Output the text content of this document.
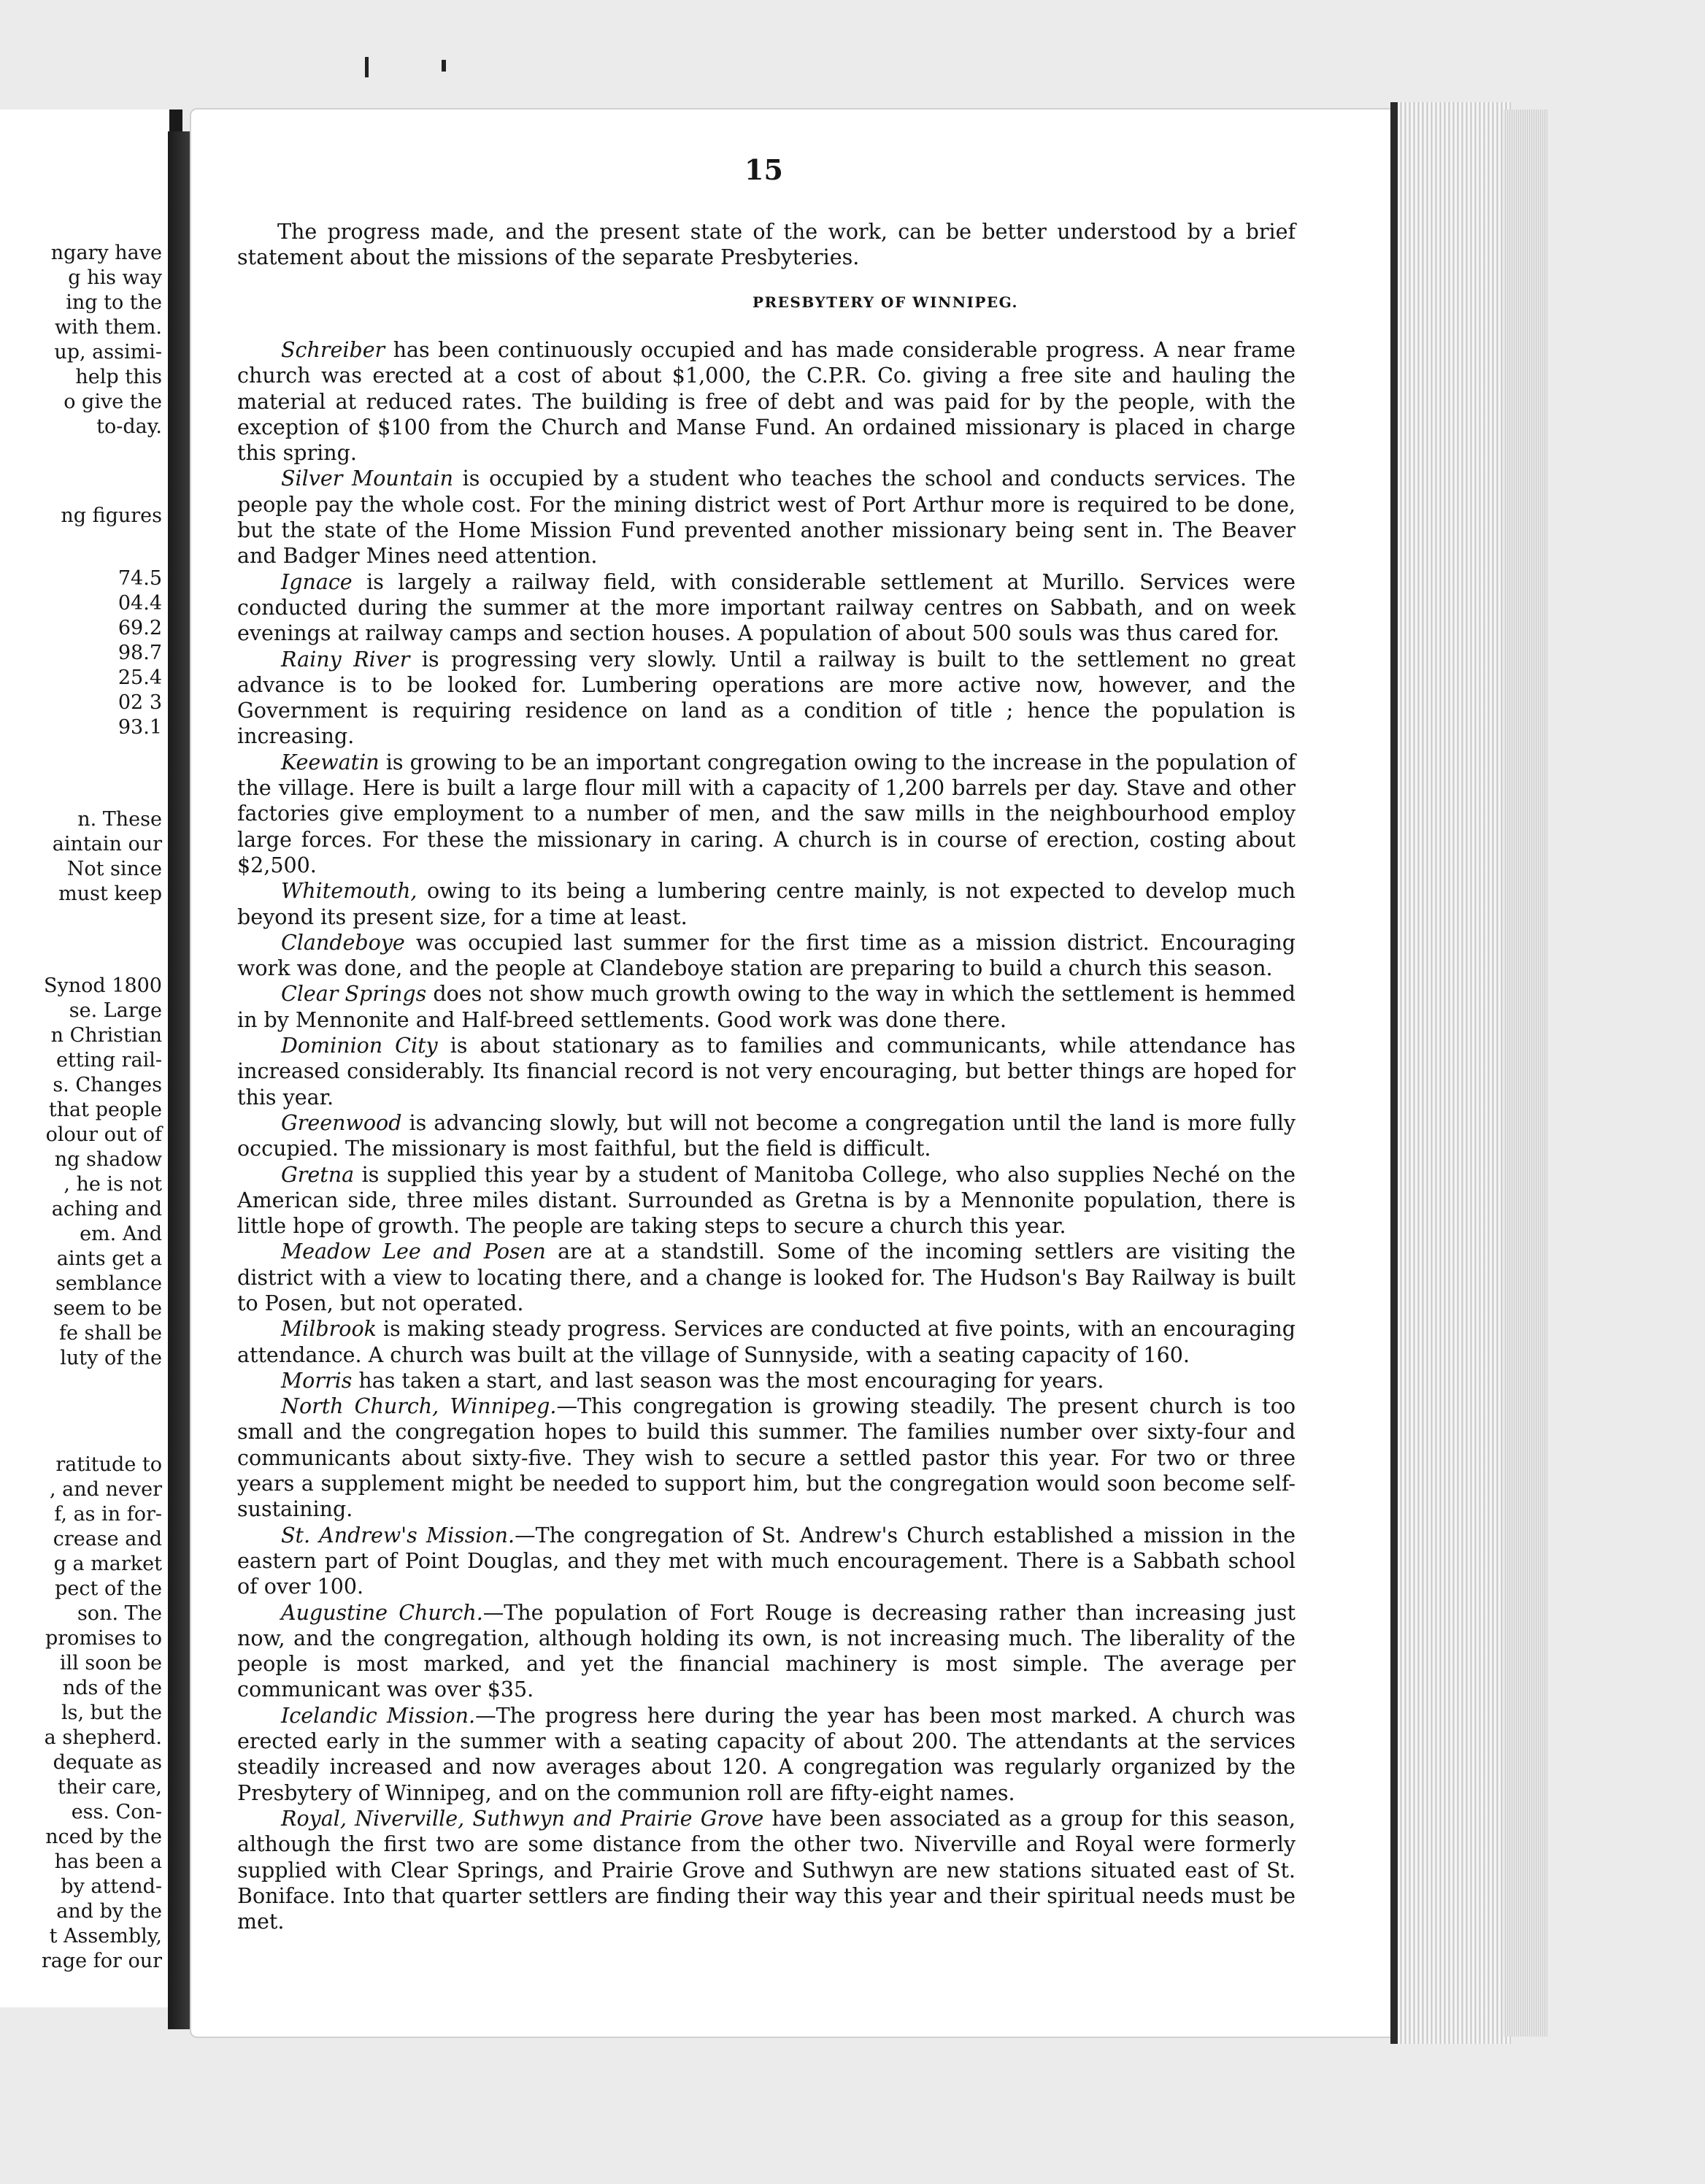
ngary have
g his way
ing to the
with them.
up, assimi-
help this
o give the
to-day.
ng figures
74.5
04.4
69.2
98.7
25.4
02 3
93.1
n. These
aintain our
Not since
must keep
Synod 1800
se. Large
n Christian
etting rail-
s. Changes
that people
olour out of
ng shadow
, he is not
aching and
em. And
aints get a
semblance
seem to be
fe shall be
luty of the
ratitude to
, and never
f, as in for-
crease and
g a market
pect of the
son. The
promises to
ill soon be
nds of the
ls, but the
a shepherd.
dequate as
their care,
ess. Con-
nced by the
has been a
by attend-
and by the
t Assembly,
rage for our
15

The progress made, and the present state of the work, can be better understood by a brief statement about the missions of the separate Presbyteries.

PRESBYTERY OF WINNIPEG.

Schreiber has been continuously occupied and has made considerable progress. A near frame church was erected at a cost of about $1,000, the C.P.R. Co. giving a free site and hauling the material at reduced rates. The building is free of debt and was paid for by the people, with the exception of $100 from the Church and Manse Fund. An ordained missionary is placed in charge this spring.

Silver Mountain is occupied by a student who teaches the school and conducts services. The people pay the whole cost. For the mining district west of Port Arthur more is required to be done, but the state of the Home Mission Fund prevented another missionary being sent in. The Beaver and Badger Mines need attention.

Ignace is largely a railway field, with considerable settlement at Murillo. Services were conducted during the summer at the more important railway centres on Sabbath, and on week evenings at railway camps and section houses. A population of about 500 souls was thus cared for.

Rainy River is progressing very slowly. Until a railway is built to the settlement no great advance is to be looked for. Lumbering operations are more active now, however, and the Government is requiring residence on land as a condition of title ; hence the population is increasing.

Keewatin is growing to be an important congregation owing to the increase in the population of the village. Here is built a large flour mill with a capacity of 1,200 barrels per day. Stave and other factories give employment to a number of men, and the saw mills in the neighbourhood employ large forces. For these the missionary in caring. A church is in course of erection, costing about $2,500.

Whitemouth, owing to its being a lumbering centre mainly, is not expected to develop much beyond its present size, for a time at least.

Clandeboye was occupied last summer for the first time as a mission district. Encouraging work was done, and the people at Clandeboye station are preparing to build a church this season.

Clear Springs does not show much growth owing to the way in which the settlement is hemmed in by Mennonite and Half-breed settlements. Good work was done there.

Dominion City is about stationary as to families and communicants, while attendance has increased considerably. Its financial record is not very encouraging, but better things are hoped for this year.

Greenwood is advancing slowly, but will not become a congregation until the land is more fully occupied. The missionary is most faithful, but the field is difficult.

Gretna is supplied this year by a student of Manitoba College, who also supplies Neché on the American side, three miles distant. Surrounded as Gretna is by a Mennonite population, there is little hope of growth. The people are taking steps to secure a church this year.

Meadow Lee and Posen are at a standstill. Some of the incoming settlers are visiting the district with a view to locating there, and a change is looked for. The Hudson's Bay Railway is built to Posen, but not operated.

Milbrook is making steady progress. Services are conducted at five points, with an encouraging attendance. A church was built at the village of Sunnyside, with a seating capacity of 160.

Morris has taken a start, and last season was the most encouraging for years.

North Church, Winnipeg.—This congregation is growing steadily. The present church is too small and the congregation hopes to build this summer. The families number over sixty-four and communicants about sixty-five. They wish to secure a settled pastor this year. For two or three years a supplement might be needed to support him, but the congregation would soon become self-sustaining.

St. Andrew's Mission.—The congregation of St. Andrew's Church established a mission in the eastern part of Point Douglas, and they met with much encouragement. There is a Sabbath school of over 100.

Augustine Church.—The population of Fort Rouge is decreasing rather than increasing just now, and the congregation, although holding its own, is not increasing much. The liberality of the people is most marked, and yet the financial machinery is most simple. The average per communicant was over $35.

Icelandic Mission.—The progress here during the year has been most marked. A church was erected early in the summer with a seating capacity of about 200. The attendants at the services steadily increased and now averages about 120. A congregation was regularly organized by the Presbytery of Winnipeg, and on the communion roll are fifty-eight names.

Royal, Niverville, Suthwyn and Prairie Grove have been associated as a group for this season, although the first two are some distance from the other two. Niverville and Royal were formerly supplied with Clear Springs, and Prairie Grove and Suthwyn are new stations situated east of St. Boniface. Into that quarter settlers are finding their way this year and their spiritual needs must be met.
